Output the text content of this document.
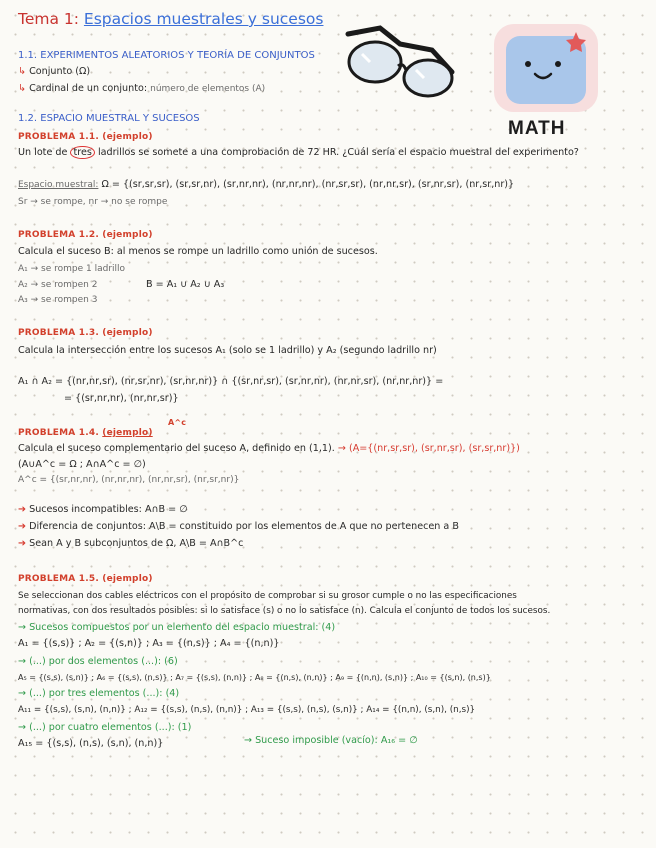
Tema 1: Espacios muestrales y sucesos
MATH
1.1. EXPERIMENTOS ALEATORIOS Y TEORÍA DE CONJUNTOS
↳ Conjunto (Ω)
↳ Cardinal de un conjunto: número de elementos (A)
1.2. ESPACIO MUESTRAL Y SUCESOS
PROBLEMA 1.1. (ejemplo)
Un lote de tres ladrillos se somete a una comprobación de 72 HR. ¿Cuál sería el espacio muestral del experimento?
Espacio muestral: Ω = {(sr,sr,sr), (sr,sr,nr), (sr,nr,nr), (nr,nr,nr), (nr,sr,sr), (nr,nr,sr), (sr,nr,sr), (nr,sr,nr)}
Sr → se rompe, nr → no se rompe
PROBLEMA 1.2. (ejemplo)
Calcula el suceso B: al menos se rompe un ladrillo como unión de sucesos.
A₁ → se rompe 1 ladrillo
A₂ → se rompen 2
A₃ → se rompen 3
B = A₁ ∪ A₂ ∪ A₃
PROBLEMA 1.3. (ejemplo)
Calcula la intersección entre los sucesos A₁ (solo se 1 ladrillo) y A₂ (segundo ladrillo nr)
A₁ ∩ A₂ = {(nr,nr,sr), (nr,sr,nr), (sr,nr,nr)} ∩ {(sr,nr,sr), (sr,nr,nr), (nr,nr,sr), (nr,nr,nr)} =
= {(sr,nr,nr), (nr,nr,sr)}
PROBLEMA 1.4. (ejemplo)
A^c
Calcula el suceso complementario del suceso A, definido en (1,1). → (A={(nr,sr,sr), (sr,nr,sr), (sr,sr,nr)})
(A∪A^c = Ω ; A∩A^c = ∅)
A^c = {(sr,nr,nr), (nr,nr,nr), (nr,nr,sr), (nr,sr,nr)}
➔ Sucesos incompatibles: A∩B = ∅
➔ Diferencia de conjuntos: A\B = constituido por los elementos de A que no pertenecen a B
➔ Sean A y B subconjuntos de Ω, A\B = A∩B^c
PROBLEMA 1.5. (ejemplo)
Se seleccionan dos cables eléctricos con el propósito de comprobar si su grosor cumple o no las especificaciones
normativas, con dos resultados posibles: si lo satisface (s) o no lo satisface (n). Calcula el conjunto de todos los sucesos.
→ Sucesos compuestos por un elemento del espacio muestral: (4)
A₁ = {(s,s)} ; A₂ = {(s,n)} ; A₃ = {(n,s)} ; A₄ = {(n,n)}
→ (...) por dos elementos (...): (6)
A₅ = {(s,s), (s,n)} ; A₆ = {(s,s), (n,s)} ; A₇ = {(s,s), (n,n)} ; A₈ = {(n,s), (n,n)} ; A₉ = {(n,n), (s,n)} ; A₁₀ = {(s,n), (n,s)}
→ (...) por tres elementos (...): (4)
A₁₁ = {(s,s), (s,n), (n,n)} ; A₁₂ = {(s,s), (n,s), (n,n)} ; A₁₃ = {(s,s), (n,s), (s,n)} ; A₁₄ = {(n,n), (s,n), (n,s)}
→ (...) por cuatro elementos (...): (1)
A₁₅ = {(s,s), (n,s), (s,n), (n,n)}	→ Suceso imposible (vacío): A₁₆ = ∅
